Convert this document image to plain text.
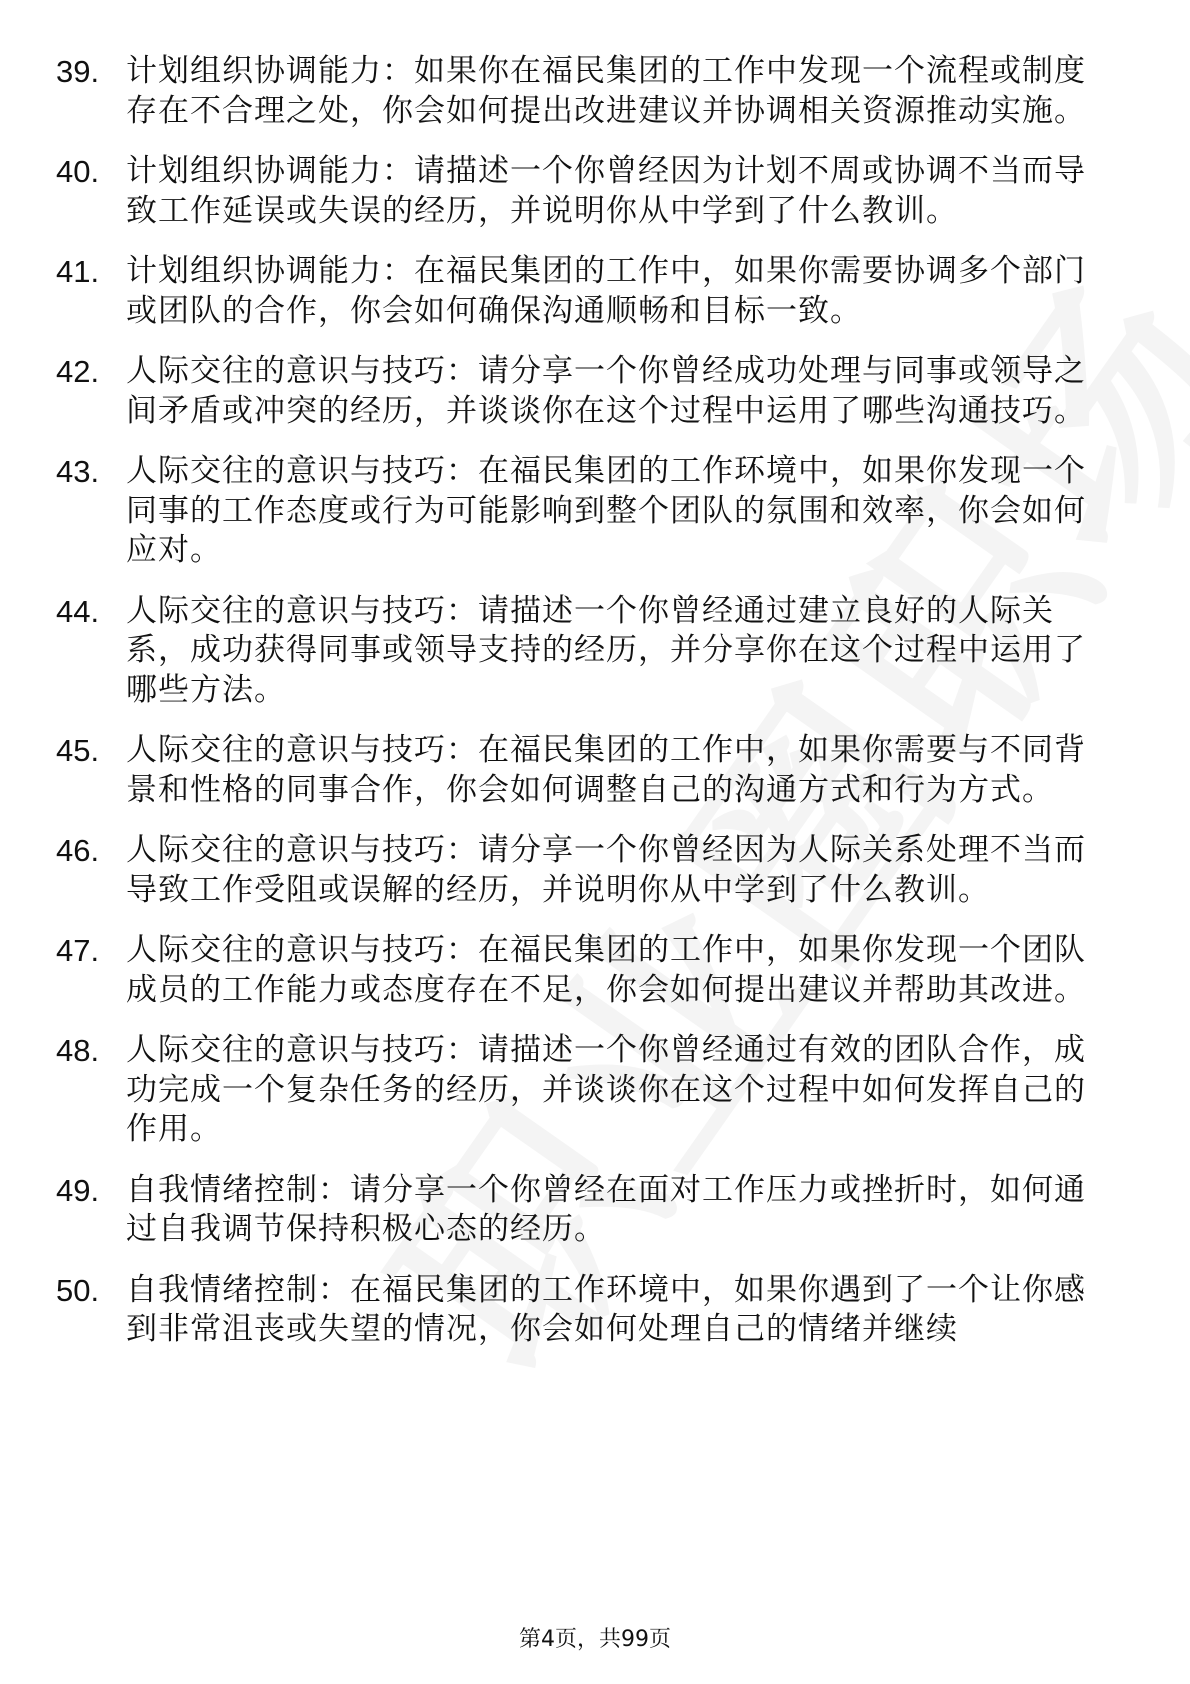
39. 计划组织协调能力：如果你在福民集团的工作中发现一个流程或制度存在不合理之处，你会如何提出改进建议并协调相关资源推动实施。
40. 计划组织协调能力：请描述一个你曾经因为计划不周或协调不当而导致工作延误或失误的经历，并说明你从中学到了什么教训。
41. 计划组织协调能力：在福民集团的工作中，如果你需要协调多个部门或团队的合作，你会如何确保沟通顺畅和目标一致。
42. 人际交往的意识与技巧：请分享一个你曾经成功处理与同事或领导之间矛盾或冲突的经历，并谈谈你在这个过程中运用了哪些沟通技巧。
43. 人际交往的意识与技巧：在福民集团的工作环境中，如果你发现一个同事的工作态度或行为可能影响到整个团队的氛围和效率，你会如何应对。
44. 人际交往的意识与技巧：请描述一个你曾经通过建立良好的人际关系，成功获得同事或领导支持的经历，并分享你在这个过程中运用了哪些方法。
45. 人际交往的意识与技巧：在福民集团的工作中，如果你需要与不同背景和性格的同事合作，你会如何调整自己的沟通方式和行为方式。
46. 人际交往的意识与技巧：请分享一个你曾经因为人际关系处理不当而导致工作受阻或误解的经历，并说明你从中学到了什么教训。
47. 人际交往的意识与技巧：在福民集团的工作中，如果你发现一个团队成员的工作能力或态度存在不足，你会如何提出建议并帮助其改进。
48. 人际交往的意识与技巧：请描述一个你曾经通过有效的团队合作，成功完成一个复杂任务的经历，并谈谈你在这个过程中如何发挥自己的作用。
49. 自我情绪控制：请分享一个你曾经在面对工作压力或挫折时，如何通过自我调节保持积极心态的经历。
50. 自我情绪控制：在福民集团的工作环境中，如果你遇到了一个让你感到非常沮丧或失望的情况，你会如何处理自己的情绪并继续
第4页，共99页
